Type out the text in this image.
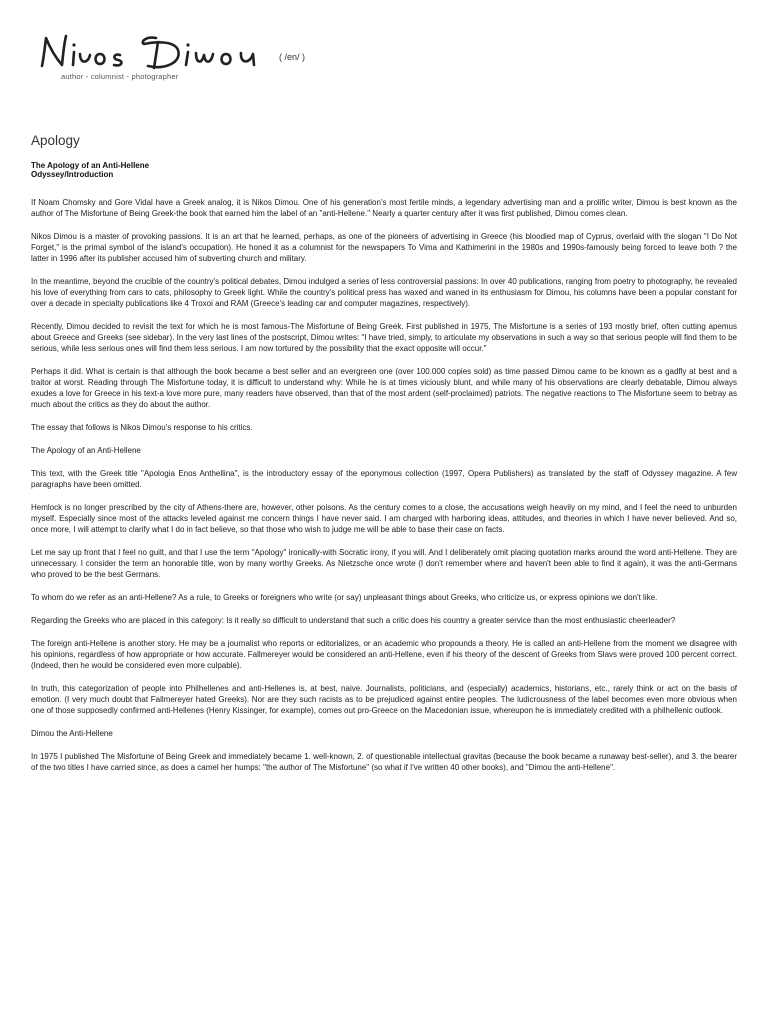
( /en/ )
author - columnist - photographer
Apology
The Apology of an Anti-Hellene
Odyssey/Introduction

If Noam Chomsky and Gore Vidal have a Greek analog, it is Nikos Dimou. One of his generation's most fertile minds, a legendary advertising man and a prolific writer, Dimou is best known as the author of The Misfortune of Being Greek-the book that earned him the label of an "anti-Hellene." Nearly a quarter century after it was first published, Dimou comes clean.

Nikos Dimou is a master of provoking passions. It is an art that he learned, perhaps, as one of the pioneers of advertising in Greece (his bloodied map of Cyprus, overlaid with the slogan "I Do Not Forget," is the primal symbol of the island's occupation). He honed it as a columnist for the newspapers To Vima and Kathimerini in the 1980s and 1990s-famously being forced to leave both ? the latter in 1996 after its publisher accused him of subverting church and military.

In the meantime, beyond the crucible of the country's political debates, Dimou indulged a series of less controversial passions: In over 40 publications, ranging from poetry to photography, he revealed his love of everything from cars to cats, philosophy to Greek light. While the country's political press has waxed and waned in its enthusiasm for Dimou, his columns have been a popular constant for over a decade in specialty publications like 4 Troxoi and RAM (Greece's leading car and computer magazines, respectively).

Recently, Dimou decided to revisit the text for which he is most famous-The Misfortune of Being Greek. First published in 1975, The Misfortune is a series of 193 mostly brief, often cutting apemus about Greece and Greeks (see sidebar). In the very last lines of the postscript, Dimou writes: "I have tried, simply, to articulate my observations in such a way so that serious people will find them to be serious, while less serious ones will find them less serious. I am now tortured by the possibility that the exact opposite will occur."

Perhaps it did. What is certain is that although the book became a best seller and an evergreen one (over 100.000 copies sold) as time passed Dimou came to be known as a gadfly at best and a traitor at worst. Reading through The Misfortune today, it is difficult to understand why: While he is at times viciously blunt, and while many of his observations are clearly debatable, Dimou always exudes a love for Greece in his text-a love more pure, many readers have observed, than that of the most ardent (self-proclaimed) patriots. The negative reactions to The Misfortune seem to betray as much about the critics as they do about the author.

The essay that follows is Nikos Dimou's response to his critics.

The Apology of an Anti-Hellene

This text, with the Greek title "Apologia Enos Anthellina", is the introductory essay of the eponymous collection (1997, Opera Publishers) as translated by the staff of Odyssey magazine. A few paragraphs have been omitted.

Hemlock is no longer prescribed by the city of Athens-there are, however, other poisons. As the century comes to a close, the accusations weigh heavily on my mind, and I feel the need to unburden myself. Especially since most of the attacks leveled against me concern things I have never said. I am charged with harboring ideas, attitudes, and theories in which I have never believed. And so, once more, I will attempt to clarify what I do in fact believe, so that those who wish to judge me will be able to base their case on facts.

Let me say up front that I feel no guilt, and that I use the term "Apology" ironically-with Socratic irony, if you will. And I deliberately omit placing quotation marks around the word anti-Hellene. They are unnecessary. I consider the term an honorable title, won by many worthy Greeks. As Nietzsche once wrote (I don't remember where and haven't been able to find it again), it was the anti-Germans who proved to be the best Germans.

To whom do we refer as an anti-Hellene? As a rule, to Greeks or foreigners who write (or say) unpleasant things about Greeks, who criticize us, or express opinions we don't like.

Regarding the Greeks who are placed in this category: Is it really so difficult to understand that such a critic does his country a greater service than the most enthusiastic cheerleader?

The foreign anti-Hellene is another story. He may be a journalist who reports or editorializes, or an academic who propounds a theory. He is called an anti-Hellene from the moment we disagree with his opinions, regardless of how appropriate or how accurate. Fallmereyer would be considered an anti-Hellene, even if his theory of the descent of Greeks from Slavs were proved 100 percent correct. (Indeed, then he would be considered even more culpable).

In truth, this categorization of people into Philhellenes and anti-Hellenes is, at best, naive. Journalists, politicians, and (especially) academics, historians, etc., rarely think or act on the basis of emotion. (I very much doubt that Fallmereyer hated Greeks). Nor are they such racists as to be prejudiced against entire peoples. The ludicrousness of the label becomes even more obvious when one of those supposedly confirmed anti-Hellenes (Henry Kissinger, for example), comes out pro-Greece on the Macedonian issue, whereupon he is immediately credited with a philhellenic outlook.

Dimou the Anti-Hellene

In 1975 I published The Misfortune of Being Greek and immediately became 1. well-known, 2. of questionable intellectual gravitas (because the book became a runaway best-seller), and 3. the bearer of the two titles I have carried since, as does a camel her humps: "the author of The Misfortune" (so what if I've written 40 other books), and "Dimou the anti-Hellene".
